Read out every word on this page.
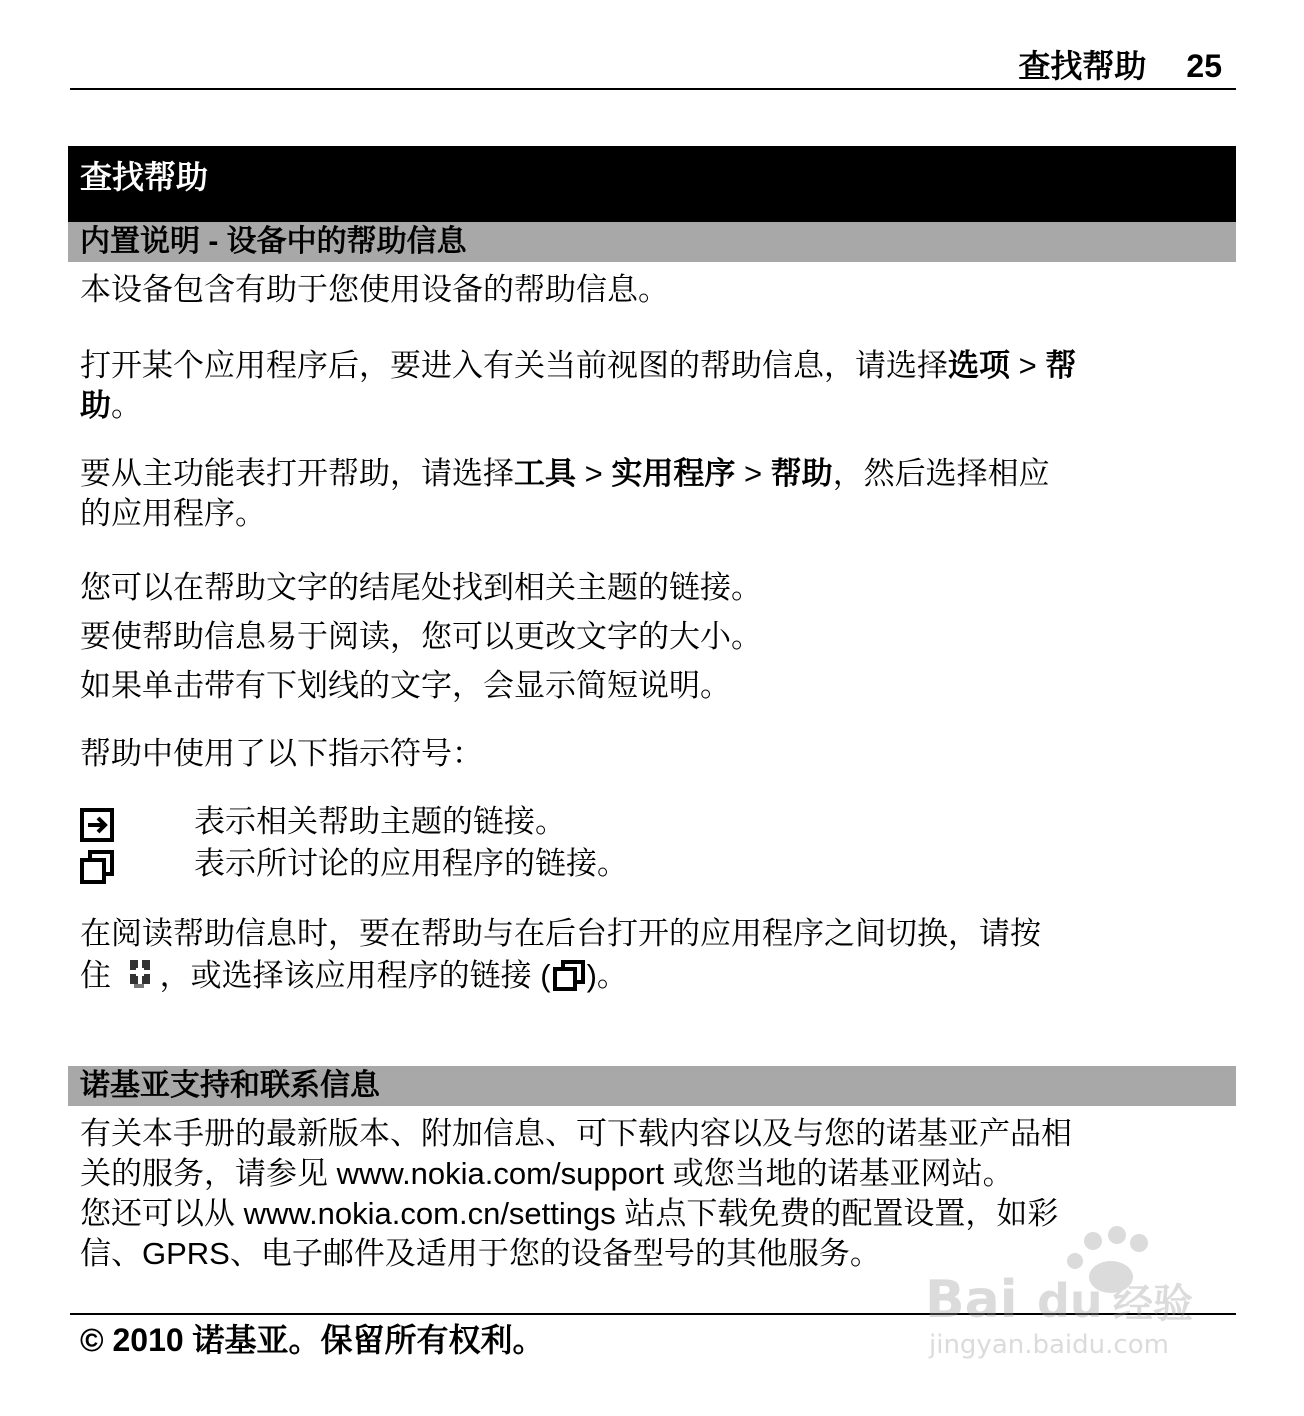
查找帮助 25
查找帮助
内置说明 - 设备中的帮助信息
本设备包含有助于您使用设备的帮助信息。
打开某个应用程序后，要进入有关当前视图的帮助信息，请选择选项 > 帮
助。
要从主功能表打开帮助，请选择工具 > 实用程序 > 帮助，然后选择相应
的应用程序。
您可以在帮助文字的结尾处找到相关主题的链接。
要使帮助信息易于阅读，您可以更改文字的大小。
如果单击带有下划线的文字，会显示简短说明。
帮助中使用了以下指示符号：
表示相关帮助主题的链接。
表示所讨论的应用程序的链接。
在阅读帮助信息时，要在帮助与在后台打开的应用程序之间切换，请按
住 ，或选择该应用程序的链接 ( )。
诺基亚支持和联系信息
有关本手册的最新版本、附加信息、可下载内容以及与您的诺基亚产品相
关的服务，请参见 www.nokia.com/support 或您当地的诺基亚网站。
您还可以从 www.nokia.com.cn/settings 站点下载免费的配置设置，如彩
信、GPRS、电子邮件及适用于您的设备型号的其他服务。
© 2010 诺基亚。保留所有权利。
Bai du 经验
jingyan.baidu.com
